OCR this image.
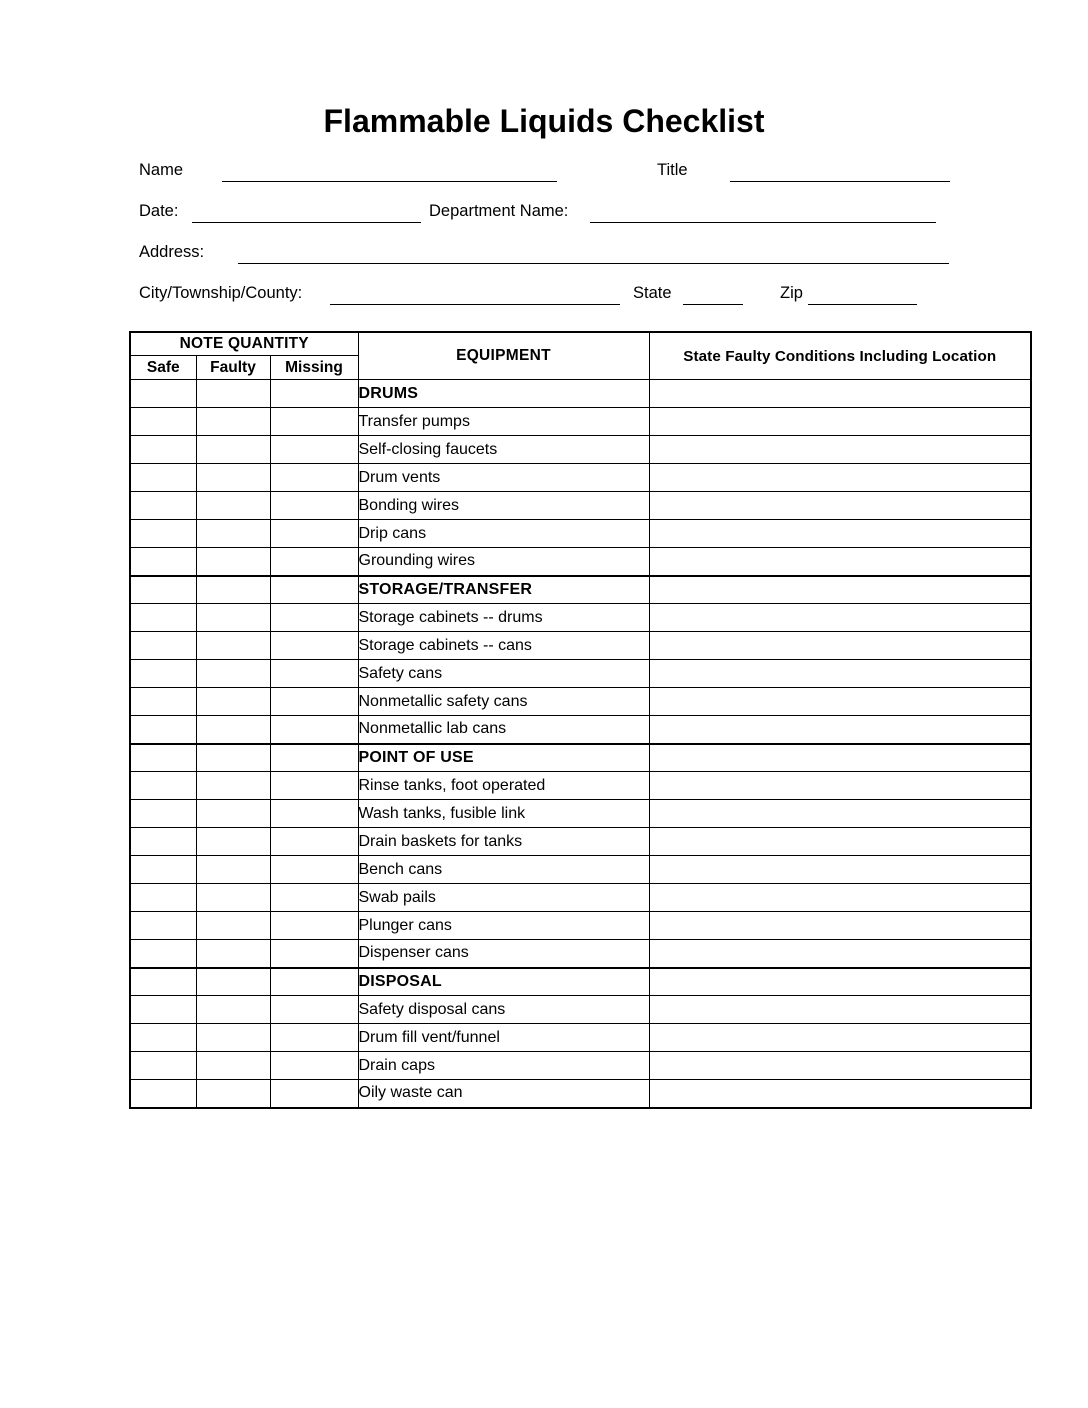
Flammable Liquids Checklist
Name	Title
Date:	Department Name:
Address:
City/Township/County:	State	Zip
NOTE QUANTITY			EQUIPMENT	State Faulty Conditions Including Location
Safe	Faulty	Missing		
			DRUMS	
			Transfer pumps	
			Self-closing faucets	
			Drum vents	
			Bonding wires	
			Drip cans	
			Grounding wires	
			STORAGE/TRANSFER	
			Storage cabinets -- drums	
			Storage cabinets -- cans	
			Safety cans	
			Nonmetallic safety cans	
			Nonmetallic lab cans	
			POINT OF USE	
			Rinse tanks, foot operated	
			Wash tanks, fusible link	
			Drain baskets for tanks	
			Bench cans	
			Swab pails	
			Plunger cans	
			Dispenser cans	
			DISPOSAL	
			Safety disposal cans	
			Drum fill vent/funnel	
			Drain caps	
			Oily waste can	
